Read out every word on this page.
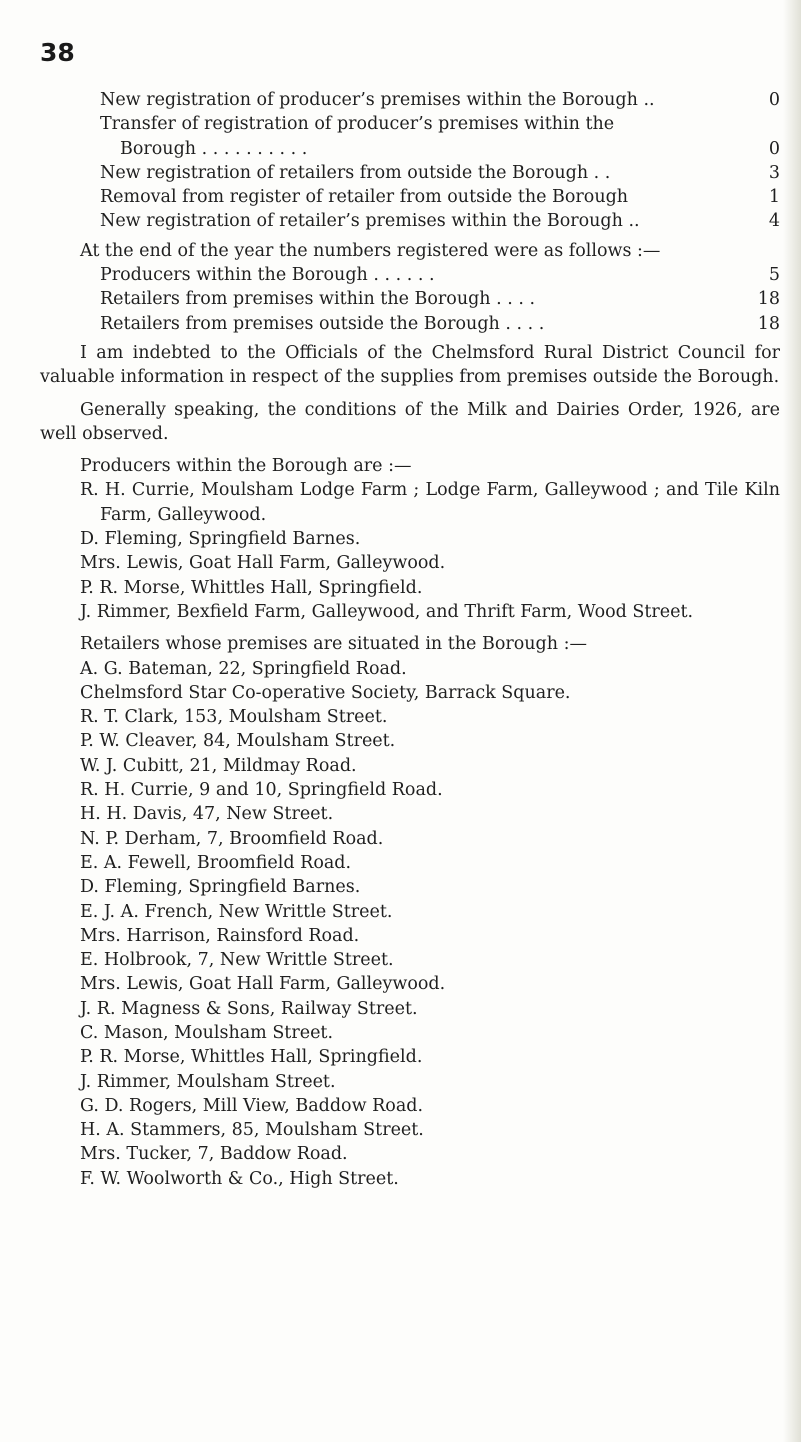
38
New registration of producer’s premises within the Borough ..	0
Transfer of registration of producer’s premises within the
Borough . . . . . . . . . .	0
New registration of retailers from outside the Borough . .	3
Removal from register of retailer from outside the Borough	1
New registration of retailer’s premises within the Borough ..	4
At the end of the year the numbers registered were as follows :—
Producers within the Borough . . . . . .	5
Retailers from premises within the Borough . . . .	18
Retailers from premises outside the Borough . . . .	18

I am indebted to the Officials of the Chelmsford Rural District Council for valuable information in respect of the supplies from premises outside the Borough.

Generally speaking, the conditions of the Milk and Dairies Order, 1926, are well observed.

Producers within the Borough are :—
R. H. Currie, Moulsham Lodge Farm ; Lodge Farm, Galleywood ; and Tile Kiln Farm, Galleywood.
D. Fleming, Springfield Barnes.
Mrs. Lewis, Goat Hall Farm, Galleywood.
P. R. Morse, Whittles Hall, Springfield.
J. Rimmer, Bexfield Farm, Galleywood, and Thrift Farm, Wood Street.
Retailers whose premises are situated in the Borough :—
A. G. Bateman, 22, Springfield Road.
Chelmsford Star Co-operative Society, Barrack Square.
R. T. Clark, 153, Moulsham Street.
P. W. Cleaver, 84, Moulsham Street.
W. J. Cubitt, 21, Mildmay Road.
R. H. Currie, 9 and 10, Springfield Road.
H. H. Davis, 47, New Street.
N. P. Derham, 7, Broomfield Road.
E. A. Fewell, Broomfield Road.
D. Fleming, Springfield Barnes.
E. J. A. French, New Writtle Street.
Mrs. Harrison, Rainsford Road.
E. Holbrook, 7, New Writtle Street.
Mrs. Lewis, Goat Hall Farm, Galleywood.
J. R. Magness & Sons, Railway Street.
C. Mason, Moulsham Street.
P. R. Morse, Whittles Hall, Springfield.
J. Rimmer, Moulsham Street.
G. D. Rogers, Mill View, Baddow Road.
H. A. Stammers, 85, Moulsham Street.
Mrs. Tucker, 7, Baddow Road.
F. W. Woolworth & Co., High Street.
